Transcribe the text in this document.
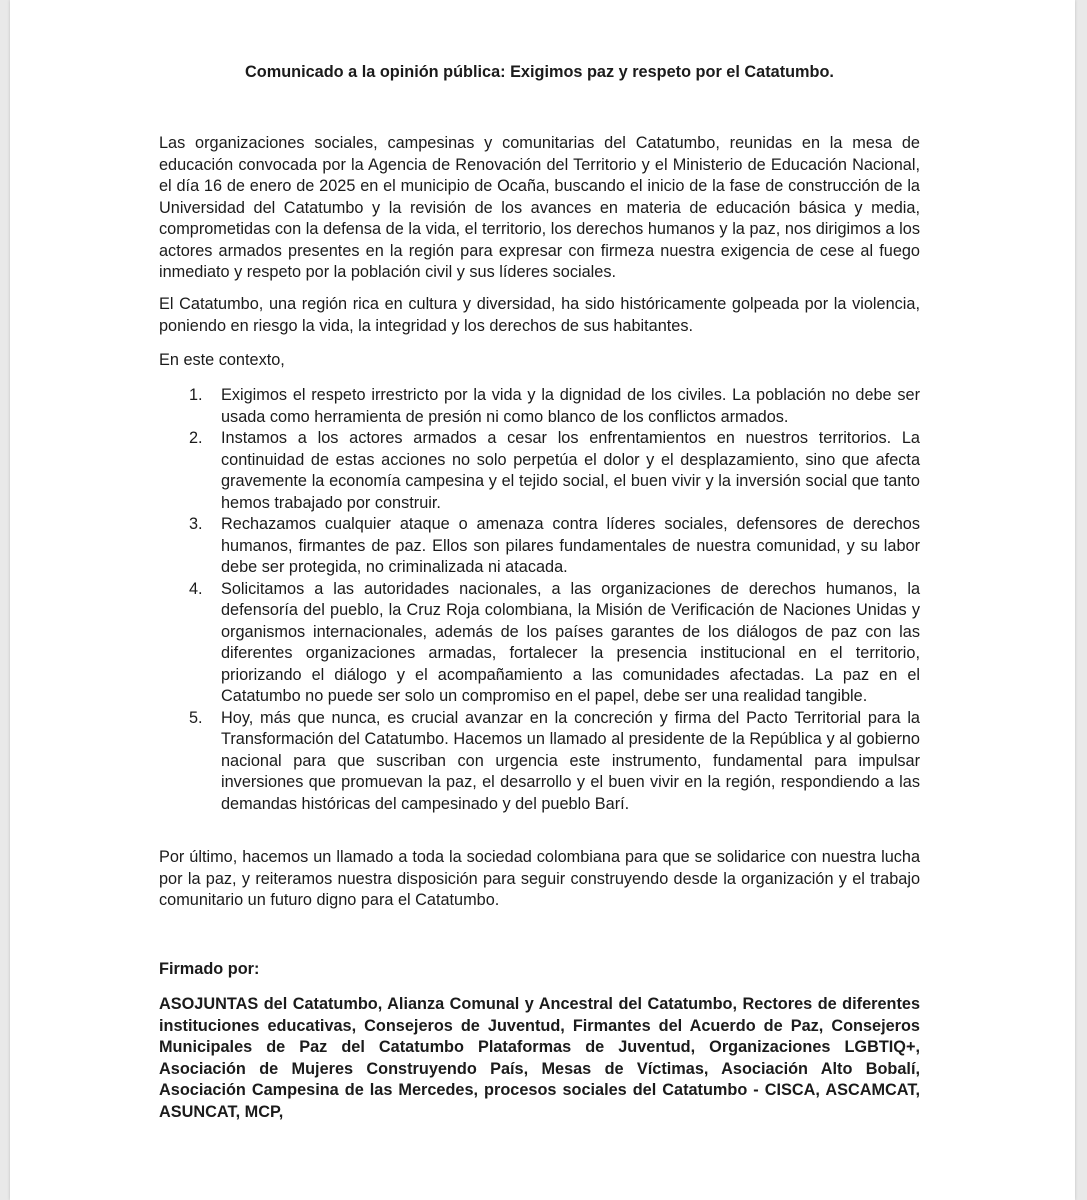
Comunicado a la opinión pública: Exigimos paz y respeto por el Catatumbo.

Las organizaciones sociales, campesinas y comunitarias del Catatumbo, reunidas en la mesa de educación convocada por la Agencia de Renovación del Territorio y el Ministerio de Educación Nacional, el día 16 de enero de 2025 en el municipio de Ocaña, buscando el inicio de la fase de construcción de la Universidad del Catatumbo y la revisión de los avances en materia de educación básica y media, comprometidas con la defensa de la vida, el territorio, los derechos humanos y la paz, nos dirigimos a los actores armados presentes en la región para expresar con firmeza nuestra exigencia de cese al fuego inmediato y respeto por la población civil y sus líderes sociales.

El Catatumbo, una región rica en cultura y diversidad, ha sido históricamente golpeada por la violencia, poniendo en riesgo la vida, la integridad y los derechos de sus habitantes.

En este contexto,

1. Exigimos el respeto irrestricto por la vida y la dignidad de los civiles. La población no debe ser usada como herramienta de presión ni como blanco de los conflictos armados.
2. Instamos a los actores armados a cesar los enfrentamientos en nuestros territorios. La continuidad de estas acciones no solo perpetúa el dolor y el desplazamiento, sino que afecta gravemente la economía campesina y el tejido social, el buen vivir y la inversión social que tanto hemos trabajado por construir.
3. Rechazamos cualquier ataque o amenaza contra líderes sociales, defensores de derechos humanos, firmantes de paz. Ellos son pilares fundamentales de nuestra comunidad, y su labor debe ser protegida, no criminalizada ni atacada.
4. Solicitamos a las autoridades nacionales, a las organizaciones de derechos humanos, la defensoría del pueblo, la Cruz Roja colombiana, la Misión de Verificación de Naciones Unidas y organismos internacionales, además de los países garantes de los diálogos de paz con las diferentes organizaciones armadas, fortalecer la presencia institucional en el territorio, priorizando el diálogo y el acompañamiento a las comunidades afectadas. La paz en el Catatumbo no puede ser solo un compromiso en el papel, debe ser una realidad tangible.
5. Hoy, más que nunca, es crucial avanzar en la concreción y firma del Pacto Territorial para la Transformación del Catatumbo. Hacemos un llamado al presidente de la República y al gobierno nacional para que suscriban con urgencia este instrumento, fundamental para impulsar inversiones que promuevan la paz, el desarrollo y el buen vivir en la región, respondiendo a las demandas históricas del campesinado y del pueblo Barí.

Por último, hacemos un llamado a toda la sociedad colombiana para que se solidarice con nuestra lucha por la paz, y reiteramos nuestra disposición para seguir construyendo desde la organización y el trabajo comunitario un futuro digno para el Catatumbo.

Firmado por:

ASOJUNTAS del Catatumbo, Alianza Comunal y Ancestral del Catatumbo, Rectores de diferentes instituciones educativas, Consejeros de Juventud, Firmantes del Acuerdo de Paz, Consejeros Municipales de Paz del Catatumbo Plataformas de Juventud, Organizaciones LGBTIQ+, Asociación de Mujeres Construyendo País, Mesas de Víctimas, Asociación Alto Bobalí, Asociación Campesina de las Mercedes, procesos sociales del Catatumbo - CISCA, ASCAMCAT, ASUNCAT, MCP,
